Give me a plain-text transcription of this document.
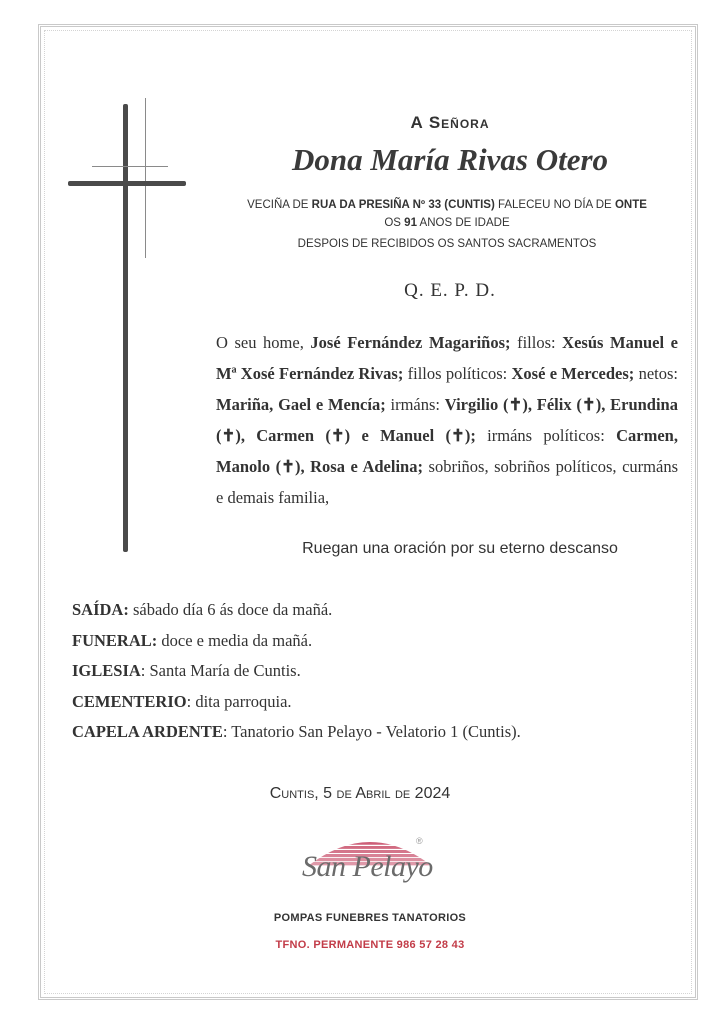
A Señora
Dona María Rivas Otero
VECIÑA DE RUA DA PRESIÑA Nº 33 (CUNTIS) FALECEU NO DÍA DE ONTE
OS 91 ANOS DE IDADE
DESPOIS DE RECIBIDOS OS SANTOS SACRAMENTOS
Q. E. P. D.
O seu home, José Fernández Magariños; fillos: Xesús Manuel e Mª Xosé Fernández Rivas; fillos políticos: Xosé e Mercedes; netos: Mariña, Gael e Mencía; irmáns: Virgilio (✝), Félix (✝), Erundina (✝), Carmen (✝) e Manuel (✝); irmáns políticos: Carmen, Manolo (✝), Rosa e Adelina; sobriños, sobriños políticos, curmáns e demais familia,
Ruegan una oración por su eterno descanso
SAÍDA: sábado día 6 ás doce da mañá.
FUNERAL: doce e media da mañá.
IGLESIA: Santa María de Cuntis.
CEMENTERIO: dita parroquia.
CAPELA ARDENTE: Tanatorio San Pelayo - Velatorio 1 (Cuntis).
Cuntis, 5 de Abril de 2024
San Pelayo
®
POMPAS FUNEBRES TANATORIOS
TFNO. PERMANENTE 986 57 28 43
